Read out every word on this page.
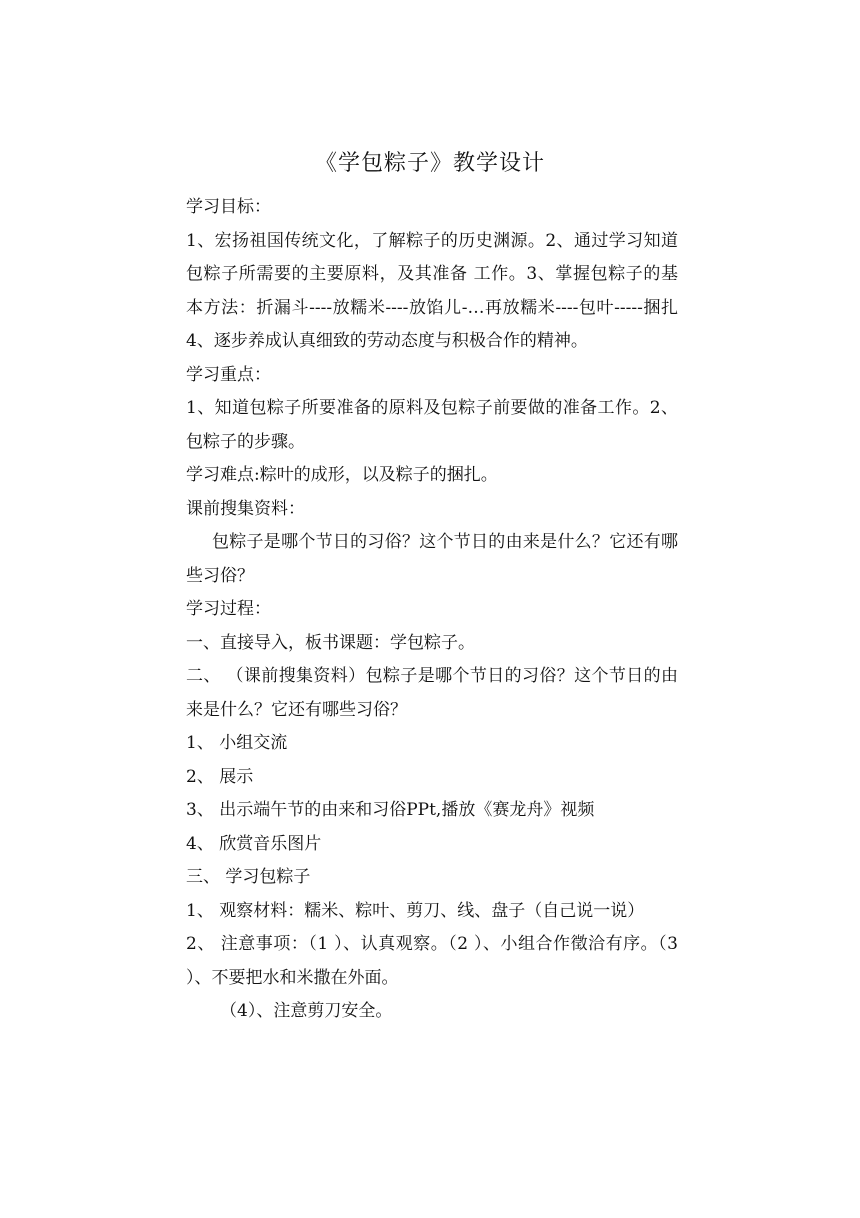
《学包粽子》教学设计

学习目标：

1、宏扬祖国传统文化，了解粽子的历史渊源。2、通过学习知道包粽子所需要的主要原料，及其准备 工作。3、掌握包粽子的基本方法：折漏斗----放糯米----放馅儿-…再放糯米----包叶-----捆扎 4、逐步养成认真细致的劳动态度与积极合作的精神。

学习重点：

1、知道包粽子所要准备的原料及包粽子前要做的准备工作。2、包粽子的步骤。

学习难点:粽叶的成形，以及粽子的捆扎。

课前搜集资料：

包粽子是哪个节日的习俗？这个节日的由来是什么？它还有哪些习俗？

学习过程：

一、直接导入，板书课题：学包粽子。

二、 （课前搜集资料）包粽子是哪个节日的习俗？这个节日的由来是什么？它还有哪些习俗？

1、 小组交流

2、 展示

3、 出示端午节的由来和习俗PPt,播放《赛龙舟》视频

4、 欣赏音乐图片

三、 学习包粽子

1、 观察材料：糯米、粽叶、剪刀、线、盘子（自己说一说）

2、 注意事项：（1 ）、认真观察。（2 ）、小组合作徵洽有序。（3 ）、不要把水和米撒在外面。

（4）、注意剪刀安全。
